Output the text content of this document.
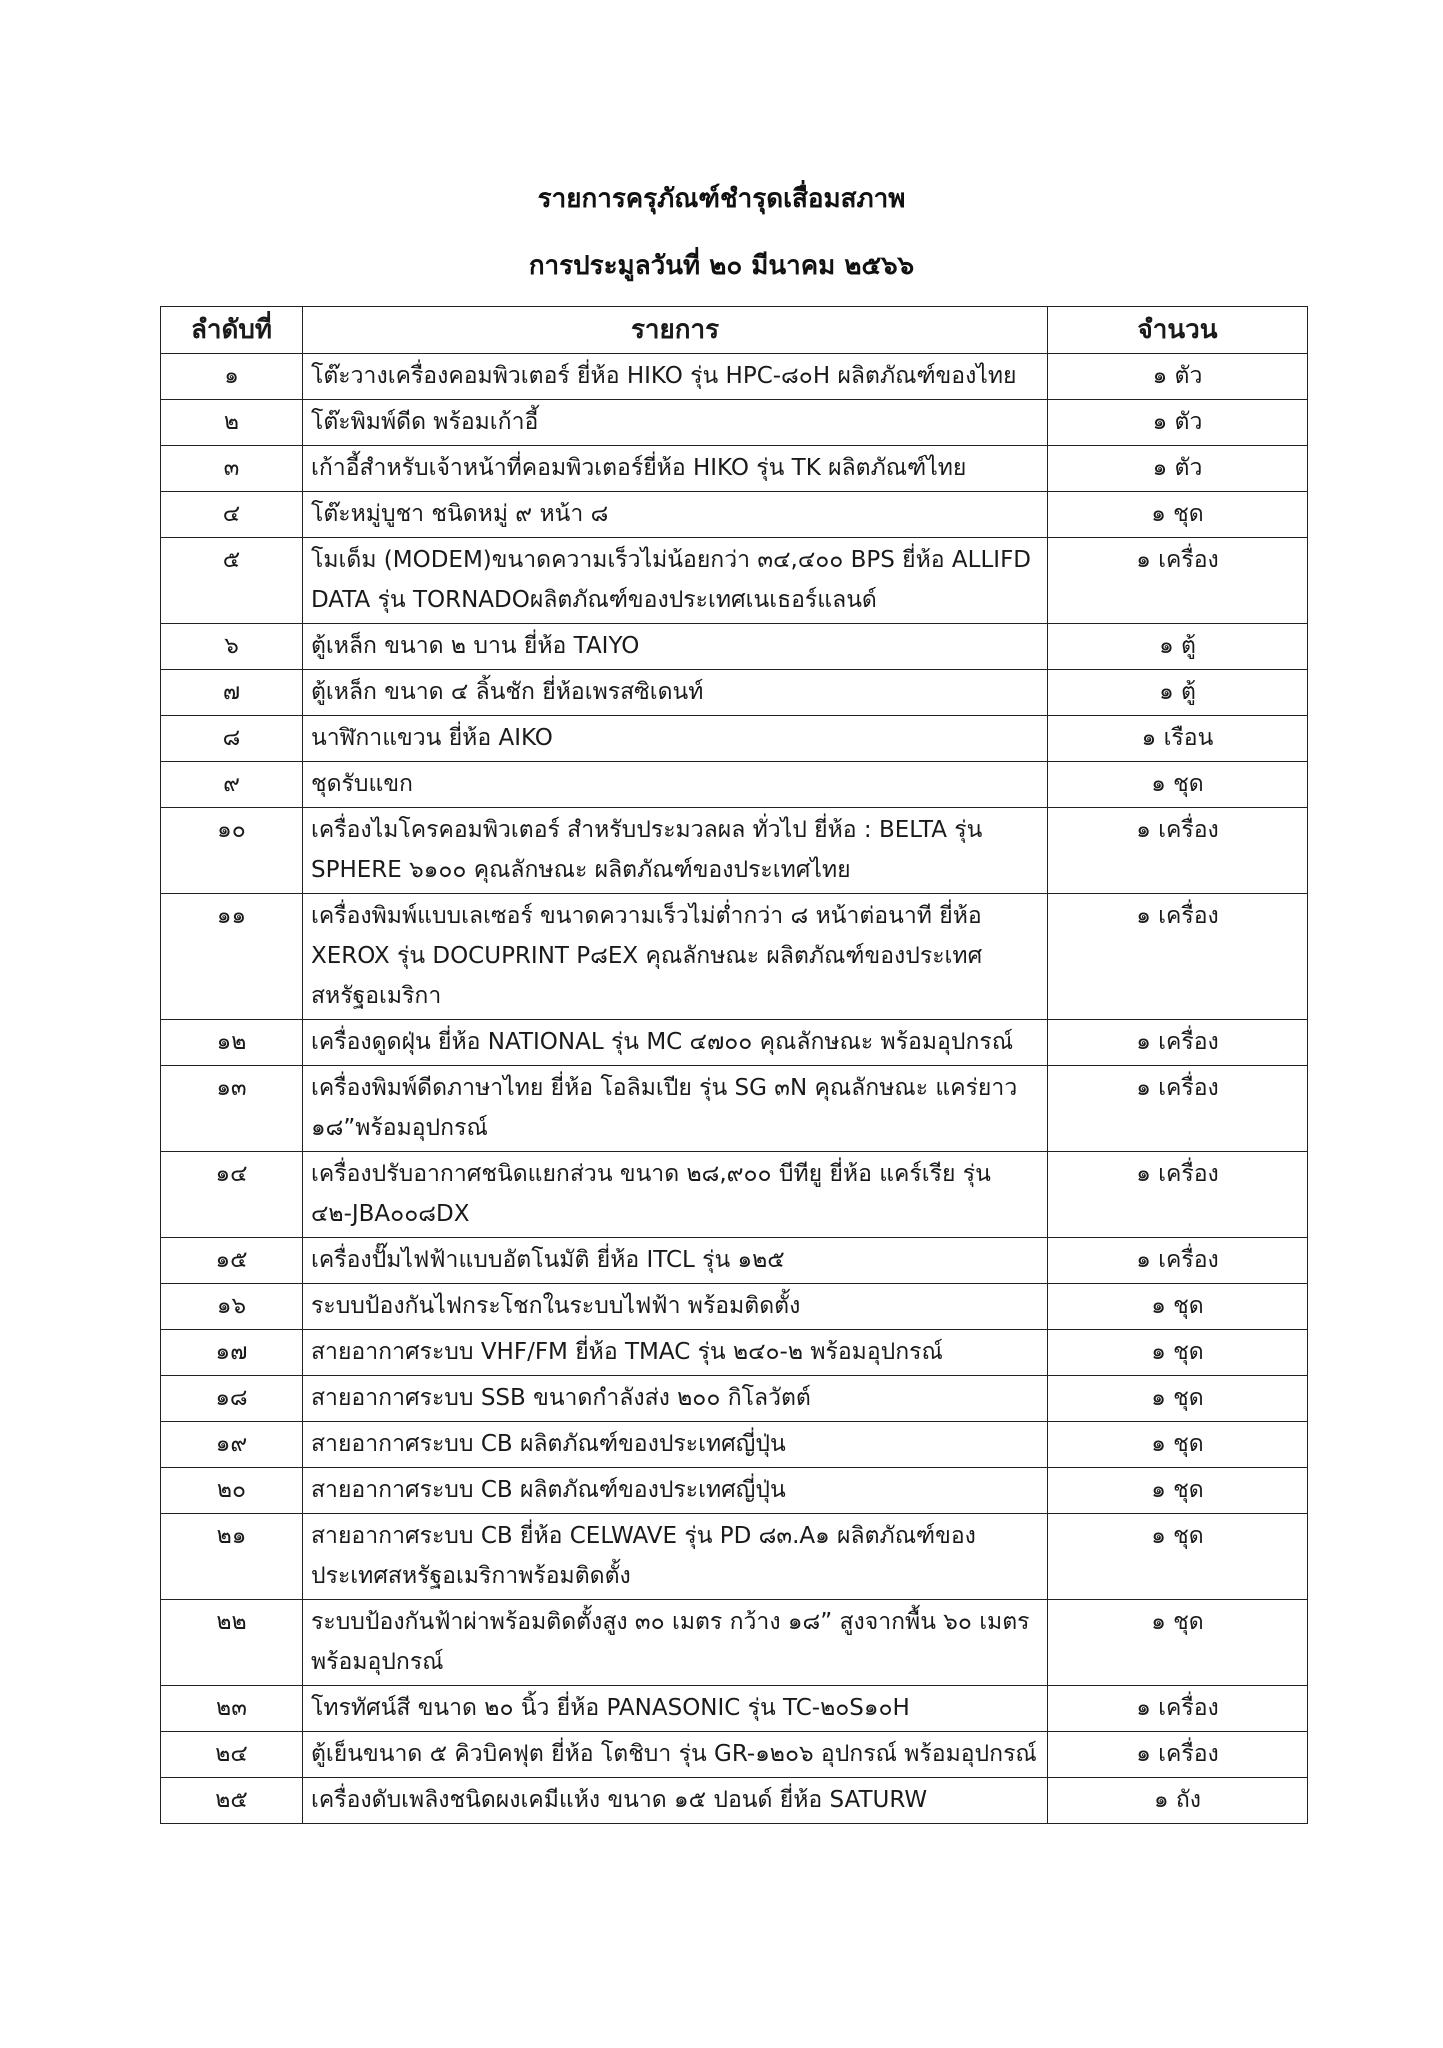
รายการครุภัณฑ์ชำรุดเสื่อมสภาพ
การประมูลวันที่ ๒๐ มีนาคม ๒๕๖๖
ลำดับที่	รายการ	จำนวน
๑	โต๊ะวางเครื่องคอมพิวเตอร์ ยี่ห้อ HIKO รุ่น HPC-๘๐H ผลิตภัณฑ์ของไทย	๑ ตัว
๒	โต๊ะพิมพ์ดีด พร้อมเก้าอี้	๑ ตัว
๓	เก้าอี้สำหรับเจ้าหน้าที่คอมพิวเตอร์ยี่ห้อ HIKO รุ่น TK ผลิตภัณฑ์ไทย	๑ ตัว
๔	โต๊ะหมู่บูชา ชนิดหมู่ ๙ หน้า ๘	๑ ชุด
๕	โมเด็ม (MODEM)ขนาดความเร็วไม่น้อยกว่า ๓๔,๔๐๐ BPS ยี่ห้อ ALLIFD DATA รุ่น TORNADOผลิตภัณฑ์ของประเทศเนเธอร์แลนด์	๑ เครื่อง
๖	ตู้เหล็ก ขนาด ๒ บาน ยี่ห้อ TAIYO	๑ ตู้
๗	ตู้เหล็ก ขนาด ๔ ลิ้นชัก ยี่ห้อเพรสซิเดนท์	๑ ตู้
๘	นาฬิกาแขวน ยี่ห้อ AIKO	๑ เรือน
๙	ชุดรับแขก	๑ ชุด
๑๐	เครื่องไมโครคอมพิวเตอร์ สำหรับประมวลผล ทั่วไป ยี่ห้อ : BELTA รุ่น SPHERE ๖๑๐๐ คุณลักษณะ ผลิตภัณฑ์ของประเทศไทย	๑ เครื่อง
๑๑	เครื่องพิมพ์แบบเลเซอร์ ขนาดความเร็วไม่ต่ำกว่า ๘ หน้าต่อนาที ยี่ห้อ XEROX รุ่น DOCUPRINT P๘EX คุณลักษณะ ผลิตภัณฑ์ของประเทศสหรัฐอเมริกา	๑ เครื่อง
๑๒	เครื่องดูดฝุ่น ยี่ห้อ NATIONAL รุ่น MC ๔๗๐๐ คุณลักษณะ พร้อมอุปกรณ์	๑ เครื่อง
๑๓	เครื่องพิมพ์ดีดภาษาไทย ยี่ห้อ โอลิมเปีย รุ่น SG ๓N คุณลักษณะ แคร่ยาว ๑๘”พร้อมอุปกรณ์	๑ เครื่อง
๑๔	เครื่องปรับอากาศชนิดแยกส่วน ขนาด ๒๘,๙๐๐ บีทียู ยี่ห้อ แคร์เรีย รุ่น ๔๒-JBA๐๐๘DX	๑ เครื่อง
๑๕	เครื่องปั๊มไฟฟ้าแบบอัตโนมัติ ยี่ห้อ ITCL รุ่น ๑๒๕	๑ เครื่อง
๑๖	ระบบป้องกันไฟกระโชกในระบบไฟฟ้า พร้อมติดตั้ง	๑ ชุด
๑๗	สายอากาศระบบ VHF/FM ยี่ห้อ TMAC รุ่น ๒๔๐-๒ พร้อมอุปกรณ์	๑ ชุด
๑๘	สายอากาศระบบ SSB ขนาดกำลังส่ง ๒๐๐ กิโลวัตต์	๑ ชุด
๑๙	สายอากาศระบบ CB ผลิตภัณฑ์ของประเทศญี่ปุ่น	๑ ชุด
๒๐	สายอากาศระบบ CB ผลิตภัณฑ์ของประเทศญี่ปุ่น	๑ ชุด
๒๑	สายอากาศระบบ CB ยี่ห้อ CELWAVE รุ่น PD ๘๓.A๑ ผลิตภัณฑ์ของประเทศสหรัฐอเมริกาพร้อมติดตั้ง	๑ ชุด
๒๒	ระบบป้องกันฟ้าผ่าพร้อมติดตั้งสูง ๓๐ เมตร กว้าง ๑๘” สูงจากพื้น ๖๐ เมตร พร้อมอุปกรณ์	๑ ชุด
๒๓	โทรทัศน์สี ขนาด ๒๐ นิ้ว ยี่ห้อ PANASONIC รุ่น TC-๒๐S๑๐H	๑ เครื่อง
๒๔	ตู้เย็นขนาด ๕ คิวบิคฟุต ยี่ห้อ โตชิบา รุ่น GR-๑๒๐๖ อุปกรณ์ พร้อมอุปกรณ์	๑ เครื่อง
๒๕	เครื่องดับเพลิงชนิดผงเคมีแห้ง ขนาด ๑๕ ปอนด์ ยี่ห้อ SATURW	๑ ถัง
